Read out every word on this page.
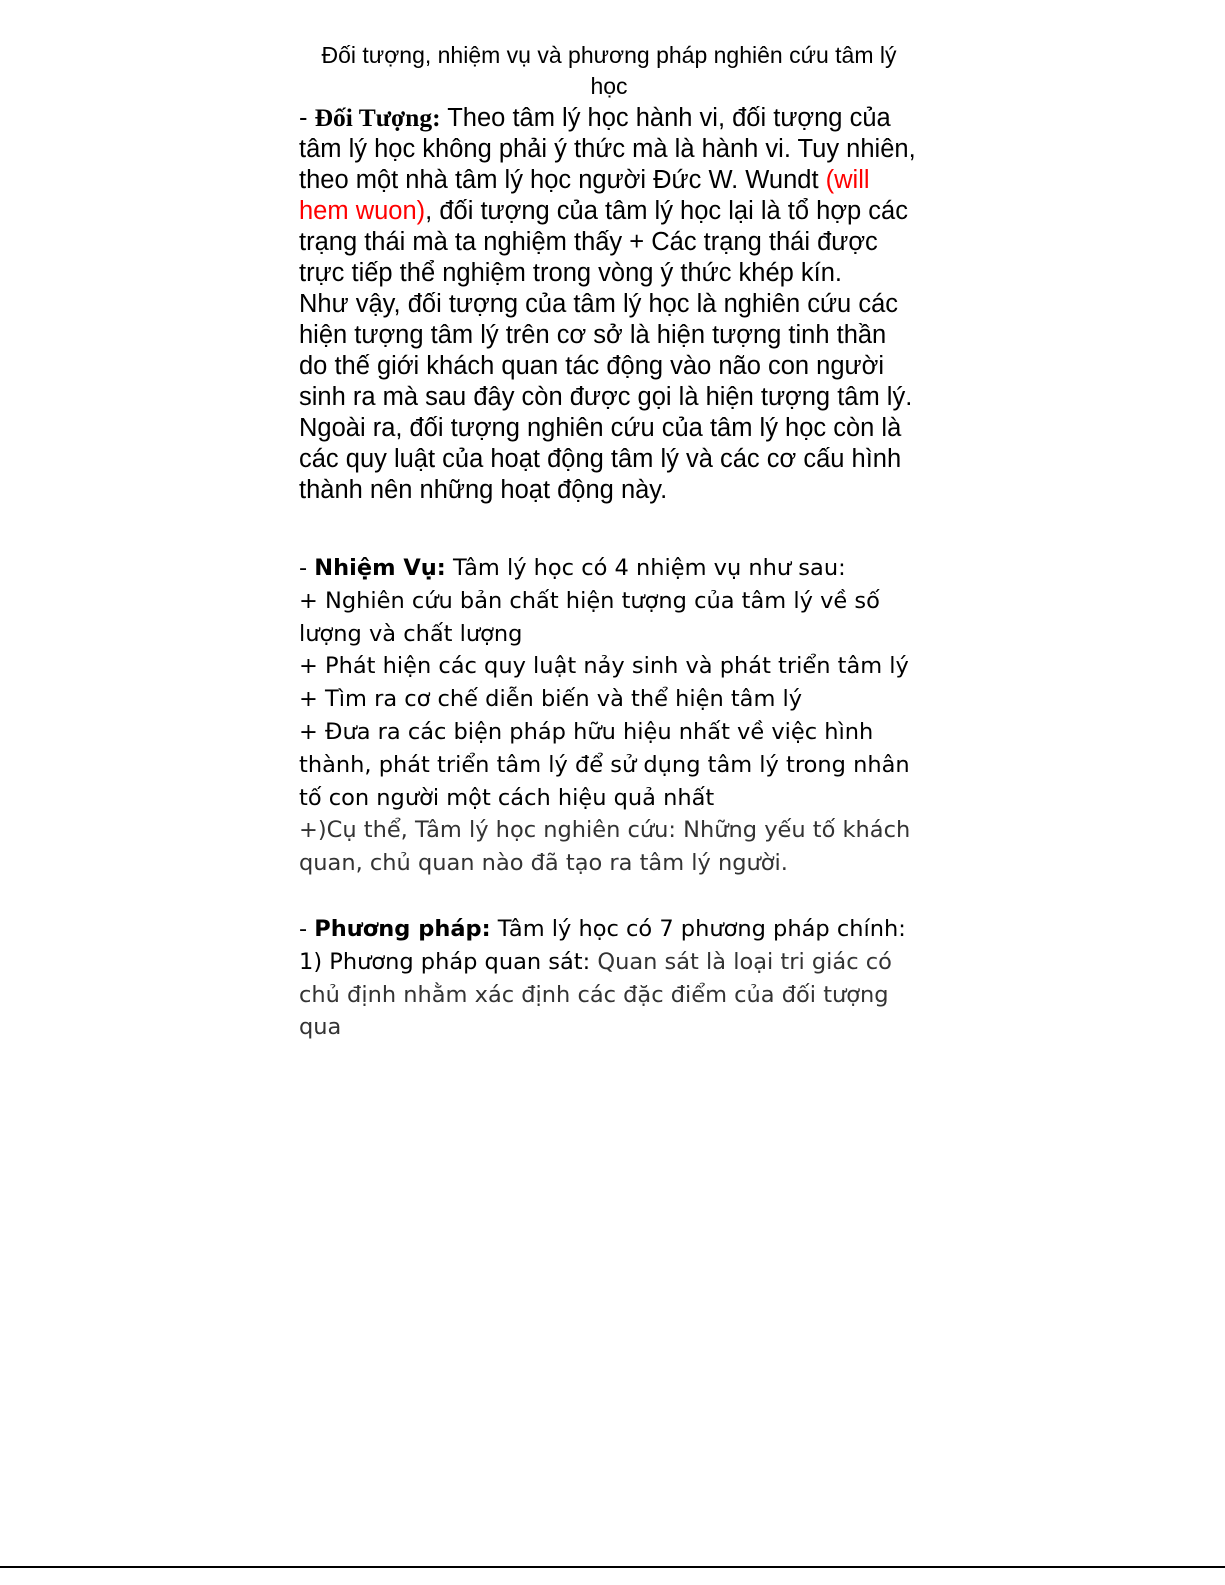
Đối tượng, nhiệm vụ và phương pháp nghiên cứu tâm lý học

- Đối Tượng: Theo tâm lý học hành vi, đối tượng của tâm lý học không phải ý thức mà là hành vi. Tuy nhiên, theo một nhà tâm lý học người Đức W. Wundt (will hem wuon), đối tượng của tâm lý học lại là tổ hợp các trạng thái mà ta nghiệm thấy + Các trạng thái được trực tiếp thể nghiệm trong vòng ý thức khép kín.

Như vậy, đối tượng của tâm lý học là nghiên cứu các hiện tượng tâm lý trên cơ sở là hiện tượng tinh thần do thế giới khách quan tác động vào não con người sinh ra mà sau đây còn được gọi là hiện tượng tâm lý. Ngoài ra, đối tượng nghiên cứu của tâm lý học còn là các quy luật của hoạt động tâm lý và các cơ cấu hình thành nên những hoạt động này.

- Nhiệm Vụ: Tâm lý học có 4 nhiệm vụ như sau:

+ Nghiên cứu bản chất hiện tượng của tâm lý về số lượng và chất lượng

+ Phát hiện các quy luật nảy sinh và phát triển tâm lý

+ Tìm ra cơ chế diễn biến và thể hiện tâm lý

+ Đưa ra các biện pháp hữu hiệu nhất về việc hình thành, phát triển tâm lý để sử dụng tâm lý trong nhân tố con người một cách hiệu quả nhất

+)Cụ thể, Tâm lý học nghiên cứu: Những yếu tố khách quan, chủ quan nào đã tạo ra tâm lý người.

- Phương pháp: Tâm lý học có 7 phương pháp chính:

1) Phương pháp quan sát: Quan sát là loại tri giác có chủ định nhằm xác định các đặc điểm của đối tượng qua
